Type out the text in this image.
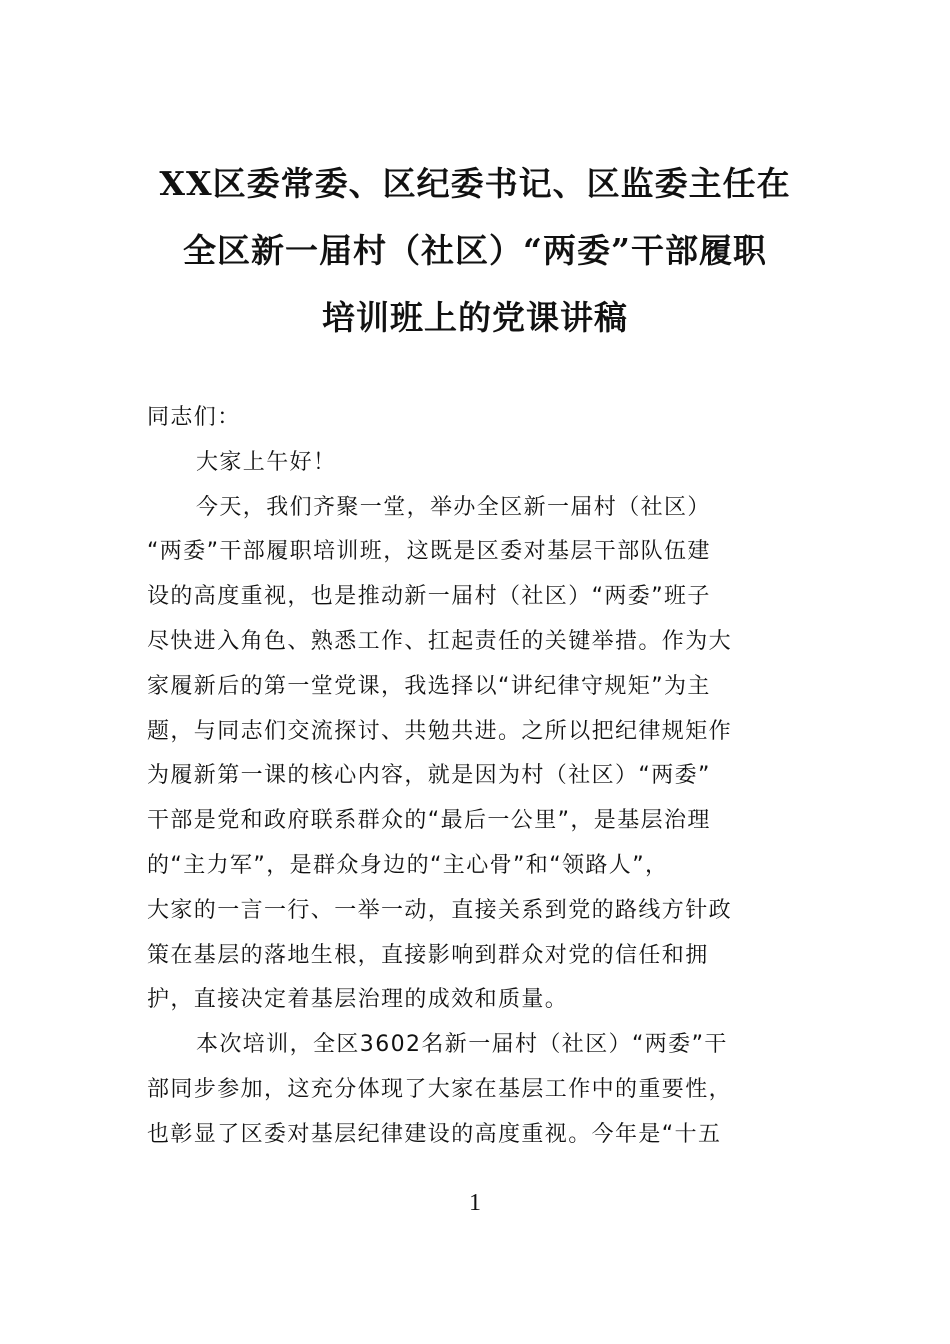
XX区委常委、区纪委书记、区监委主任在
全区新一届村（社区）“两委”干部履职
培训班上的党课讲稿

同志们：

大家上午好！

今天，我们齐聚一堂，举办全区新一届村（社区）
“两委”干部履职培训班，这既是区委对基层干部队伍建
设的高度重视，也是推动新一届村（社区）“两委”班子
尽快进入角色、熟悉工作、扛起责任的关键举措。作为大
家履新后的第一堂党课，我选择以“讲纪律守规矩”为主
题，与同志们交流探讨、共勉共进。之所以把纪律规矩作
为履新第一课的核心内容，就是因为村（社区）“两委”
干部是党和政府联系群众的“最后一公里”，是基层治理
的“主力军”，是群众身边的“主心骨”和“领路人”，
大家的一言一行、一举一动，直接关系到党的路线方针政
策在基层的落地生根，直接影响到群众对党的信任和拥
护，直接决定着基层治理的成效和质量。

本次培训，全区3602名新一届村（社区）“两委”干
部同步参加，这充分体现了大家在基层工作中的重要性，
也彰显了区委对基层纪律建设的高度重视。今年是“十五

1
